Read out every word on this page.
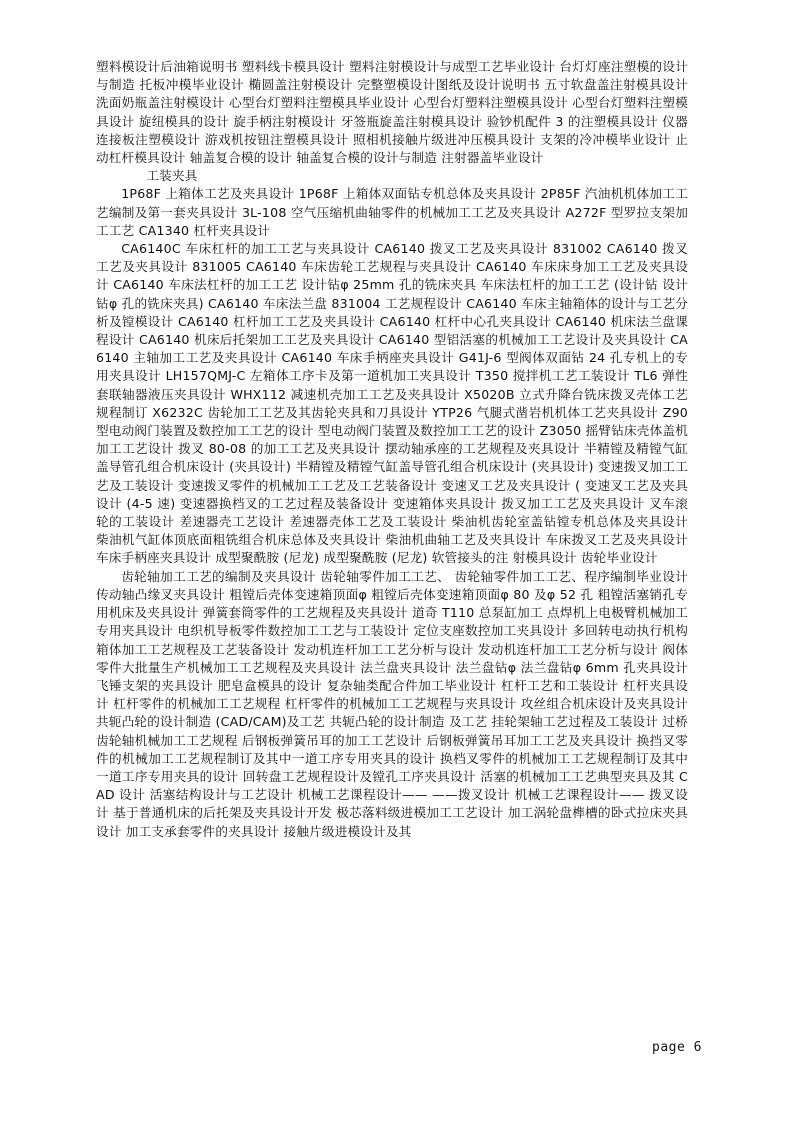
塑料模设计后油箱说明书 塑料线卡模具设计 塑料注射模设计与成型工艺毕业设计 台灯灯座注塑模的设计与制造 托板冲模毕业设计 椭圆盖注射模设计 完整塑模设计图纸及设计说明书 五寸软盘盖注射模具设计 洗面奶瓶盖注射模设计 心型台灯塑料注塑模具毕业设计 心型台灯塑料注塑模具设计 心型台灯塑料注塑模具设计 旋纽模具的设计 旋手柄注射模设计 牙签瓶旋盖注射模具设计 验钞机配件 3 的注塑模具设计 仪器连接板注塑模设计 游戏机按钮注塑模具设计 照相机接触片级进冲压模具设计 支架的冷冲模毕业设计 止动杠杆模具设计 轴盖复合模的设计 轴盖复合模的设计与制造 注射器盖毕业设计

工装夹具

1P68F 上箱体工艺及夹具设计 1P68F 上箱体双面钻专机总体及夹具设计 2P85F 汽油机机体加工工艺编制及第一套夹具设计 3L-108 空气压缩机曲轴零件的机械加工工艺及夹具设计 A272F 型罗拉支架加工工艺 CA1340 杠杆夹具设计

CA6140C 车床杠杆的加工工艺与夹具设计 CA6140 拨叉工艺及夹具设计 831002 CA6140 拨叉工艺及夹具设计 831005 CA6140 车床齿轮工艺规程与夹具设计 CA6140 车床床身加工工艺及夹具设计 CA6140 车床法杠杆的加工工艺 设计钻φ 25mm 孔的铣床夹具 车床法杠杆的加工工艺 (设计钻 设计钻φ 孔的铣床夹具) CA6140 车床法兰盘 831004 工艺规程设计 CA6140 车床主轴箱体的设计与工艺分析及镗模设计 CA6140 杠杆加工工艺及夹具设计 CA6140 杠杆中心孔夹具设计 CA6140 机床法兰盘课程设计 CA6140 机床后托架加工工艺及夹具设计 CA6140 型铝活塞的机械加工工艺设计及夹具设计 CA6140 主轴加工工艺及夹具设计 CA6140 车床手柄座夹具设计 G41J-6 型阀体双面钻 24 孔专机上的专用夹具设计 LH157QMJ-C 左箱体工序卡及第一道机加工夹具设计 T350 搅拌机工艺工装设计 TL6 弹性套联轴器液压夹具设计 WHX112 减速机壳加工工艺及夹具设计 X5020B 立式升降台铣床拨叉壳体工艺规程制订 X6232C 齿轮加工工艺及其齿轮夹具和刀具设计 YTP26 气腿式凿岩机机体工艺夹具设计 Z90 型电动阀门装置及数控加工工艺的设计 型电动阀门装置及数控加工工艺的设计 Z3050 摇臂钻床壳体盖机加工工艺设计 拨叉 80-08 的加工工艺及夹具设计 摆动轴承座的工艺规程及夹具设计 半精镗及精镗气缸盖导管孔组合机床设计 (夹具设计) 半精镗及精镗气缸盖导管孔组合机床设计 (夹具设计) 变速拨叉加工工艺及工装设计 变速拨叉零件的机械加工工艺及工艺装备设计 变速叉工艺及夹具设计 ( 变速叉工艺及夹具设计 (4-5 速) 变速器换档叉的工艺过程及装备设计 变速箱体夹具设计 拨叉加工工艺及夹具设计 叉车滚轮的工装设计 差速器壳工艺设计 差速器壳体工艺及工装设计 柴油机齿轮室盖钻镗专机总体及夹具设计 柴油机气缸体顶底面粗铣组合机床总体及夹具设计 柴油机曲轴工艺及夹具设计 车床拨叉工艺及夹具设计 车床手柄座夹具设计 成型聚酰胺 (尼龙) 成型聚酰胺 (尼龙) 软管接头的注 射模具设计 齿轮毕业设计

齿轮轴加工工艺的编制及夹具设计 齿轮轴零件加工工艺、 齿轮轴零件加工工艺、程序编制毕业设计 传动轴凸缘叉夹具设计 粗镗后壳体变速箱顶面φ 粗镗后壳体变速箱顶面φ 80 及φ 52 孔 粗镗活塞销孔专用机床及夹具设计 弹簧套筒零件的工艺规程及夹具设计 道奇 T110 总泵缸加工 点焊机上电极臂机械加工专用夹具设计 电织机导板零件数控加工工艺与工装设计 定位支座数控加工夹具设计 多回转电动执行机构箱体加工工艺规程及工艺装备设计 发动机连杆加工工艺分析与设计 发动机连杆加工工艺分析与设计 阀体零件大批量生产机械加工工艺规程及夹具设计 法兰盘夹具设计 法兰盘钻φ 法兰盘钻φ 6mm 孔夹具设计 飞锤支架的夹具设计 肥皂盒模具的设计 复杂轴类配合件加工毕业设计 杠杆工艺和工装设计 杠杆夹具设计 杠杆零件的机械加工工艺规程 杠杆零件的机械加工工艺规程与夹具设计 攻丝组合机床设计及夹具设计 共轭凸轮的设计制造 (CAD/CAM)及工艺 共轭凸轮的设计制造 及工艺 挂轮架轴工艺过程及工装设计 过桥齿轮轴机械加工工艺规程 后钢板弹簧吊耳的加工工艺设计 后钢板弹簧吊耳加工工艺及夹具设计 换挡叉零件的机械加工工艺规程制订及其中一道工序专用夹具的设计 换档叉零件的机械加工工艺规程制订及其中一道工序专用夹具的设计 回转盘工艺规程设计及镗孔工序夹具设计 活塞的机械加工工艺典型夹具及其 CAD 设计 活塞结构设计与工艺设计 机械工艺课程设计—— ——拨叉设计 机械工艺课程设计—— 拨叉设计 基于普通机床的后托架及夹具设计开发 极芯落料级进模加工工艺设计 加工涡轮盘榫槽的卧式拉床夹具设计 加工支承套零件的夹具设计 接触片级进模设计及其

page 6
